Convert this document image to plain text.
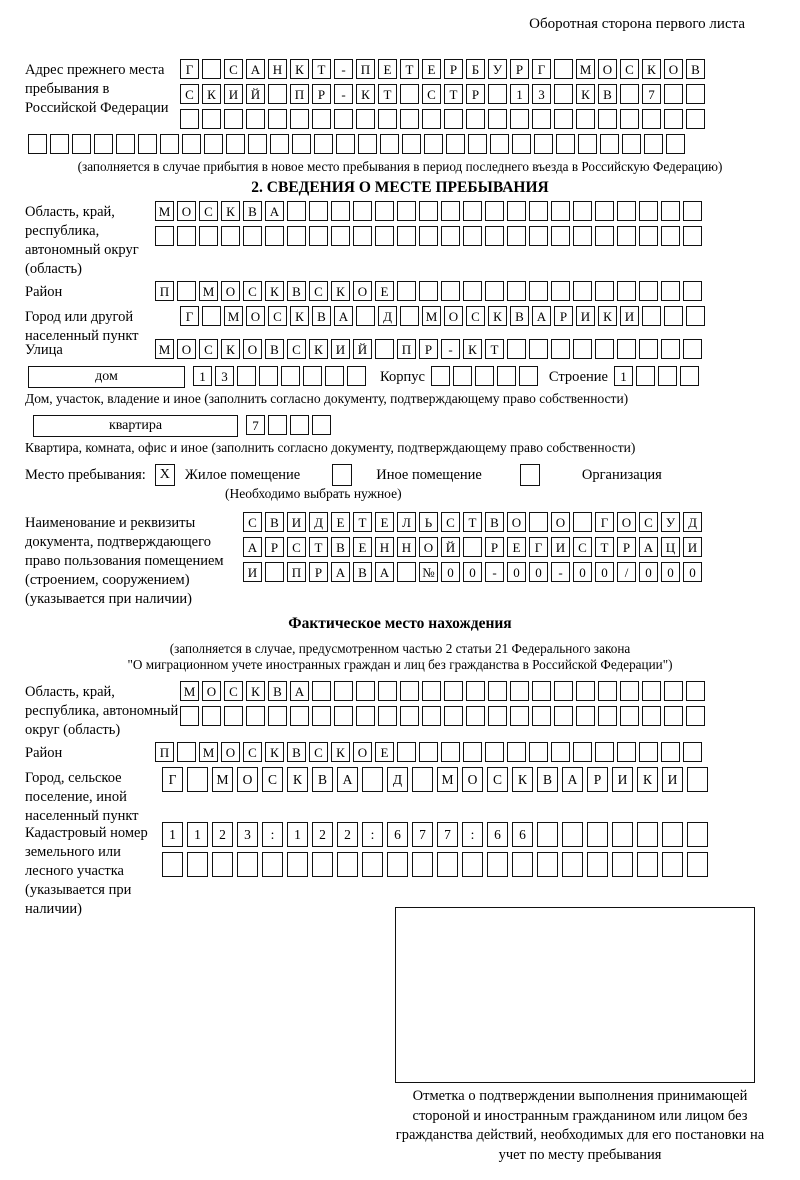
Оборотная сторона первого листа
Адрес прежнего места пребывания в Российской Федерации
Г	С А Н К	Т	-	П	Е	Т	Е	Р	Б	У	Р	Г	М О С	К О В
С	К И Й	П	Р	-	К	Т	С	Т	Р	1	3	К	В	7
(заполняется в случае прибытия в новое место пребывания в период последнего въезда в Российскую Федерацию)
2. СВЕДЕНИЯ О МЕСТЕ ПРЕБЫВАНИЯ
Область, край, республика, автономный округ (область)
М О С	К	В А
Район	П	М О С	К	В	С	К О	Е
Город или другой населенный пункт
Г	М О С	К	В А	Д	М О С	К	В А	Р	И К И
Улица	М О С	К О В	С	К И Й	П	Р	-	К	Т
дом	1	3	Корпус	Строение 1
Дом, участок, владение и иное (заполнить согласно документу, подтверждающему право собственности)
квартира	7
Квартира, комната, офис и иное (заполнить согласно документу, подтверждающему право собственности)
Место пребывания: X	Жилое помещение	Иное помещение	Организация
(Необходимо выбрать нужное)
Наименование и реквизиты документа, подтверждающего право пользования помещением (строением, сооружением) (указывается при наличии)
С	В И Д	Е	Т	Е	Л	Ь	С	Т	В О	О	Г	О С	У Д
А	Р	С	Т	В	Е	Н Н О Й	Р	Е	Г	И С	Т	Р	А Ц И
И	П	Р	А В А	№ 0	0	-	0	0	-	0	0	/	0	0	0
Фактическое место нахождения
(заполняется в случае, предусмотренном частью 2 статьи 21 Федерального закона
"О миграционном учете иностранных граждан и лиц без гражданства в Российской Федерации")
Область, край, республика, автономный округ (область)
М О С	К	В А
Район	П	М О С	К	В	С	К О	Е
Город, сельское поселение, иной населенный пункт
Г	М	О	С	К	В	А	Д	М	О	С	К	В	А	Р	И	К	И
Кадастровый номер земельного или лесного участка (указывается при наличии)
1	1	2	3	:	1	2	2	:	6	7	7	:	6	6
Отметка о подтверждении выполнения принимающей стороной и иностранным гражданином или лицом без гражданства действий, необходимых для его постановки на учет по месту пребывания
